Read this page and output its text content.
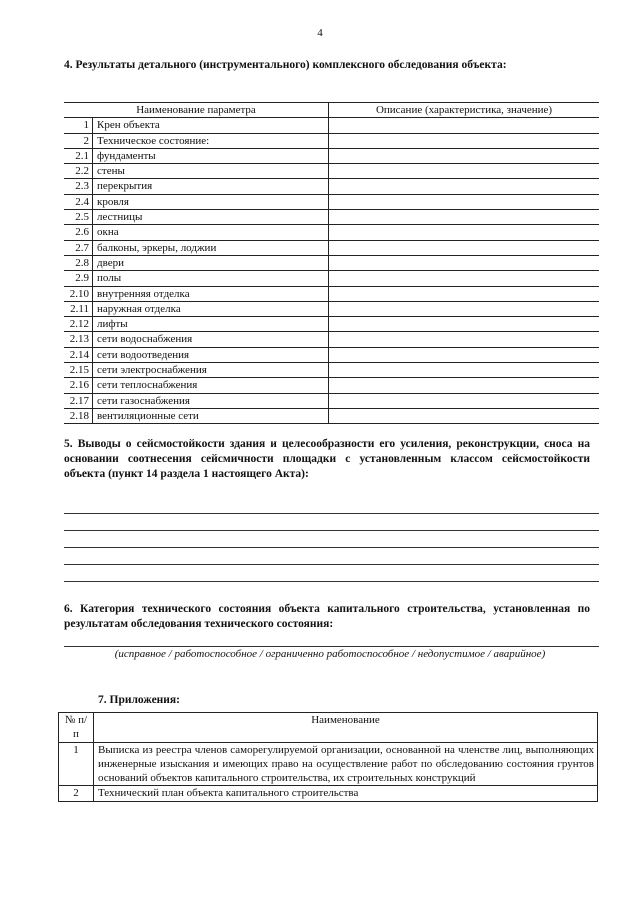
4
4. Результаты детального (инструментального) комплексного обследования объекта:
Наименование параметра		Описание (характеристика, значение)
1	Крен объекта	
2	Техническое состояние:	
2.1	фундаменты	
2.2	стены	
2.3	перекрытия	
2.4	кровля	
2.5	лестницы	
2.6	окна	
2.7	балконы, эркеры, лоджии	
2.8	двери	
2.9	полы	
2.10	внутренняя отделка	
2.11	наружная отделка	
2.12	лифты	
2.13	сети водоснабжения	
2.14	сети водоотведения	
2.15	сети электроснабжения	
2.16	сети теплоснабжения	
2.17	сети газоснабжения	
2.18	вентиляционные сети	
5. Выводы о сейсмостойкости здания и целесообразности его усиления, реконструкции, сноса на основании соотнесения сейсмичности площадки с установленным классом сейсмостойкости объекта (пункт 14 раздела 1 настоящего Акта):
6. Категория технического состояния объекта капитального строительства, установленная по результатам обследования технического состояния:
(исправное / работоспособное / ограниченно работоспособное / недопустимое / аварийное)
7. Приложения:
№ п/п	Наименование
1	Выписка из реестра членов саморегулируемой организации, основанной на членстве лиц, выполняющих инженерные изыскания и имеющих право на осуществление работ по обследованию состояния грунтов оснований объектов капитального строительства, их строительных конструкций
2	Технический план объекта капитального строительства
